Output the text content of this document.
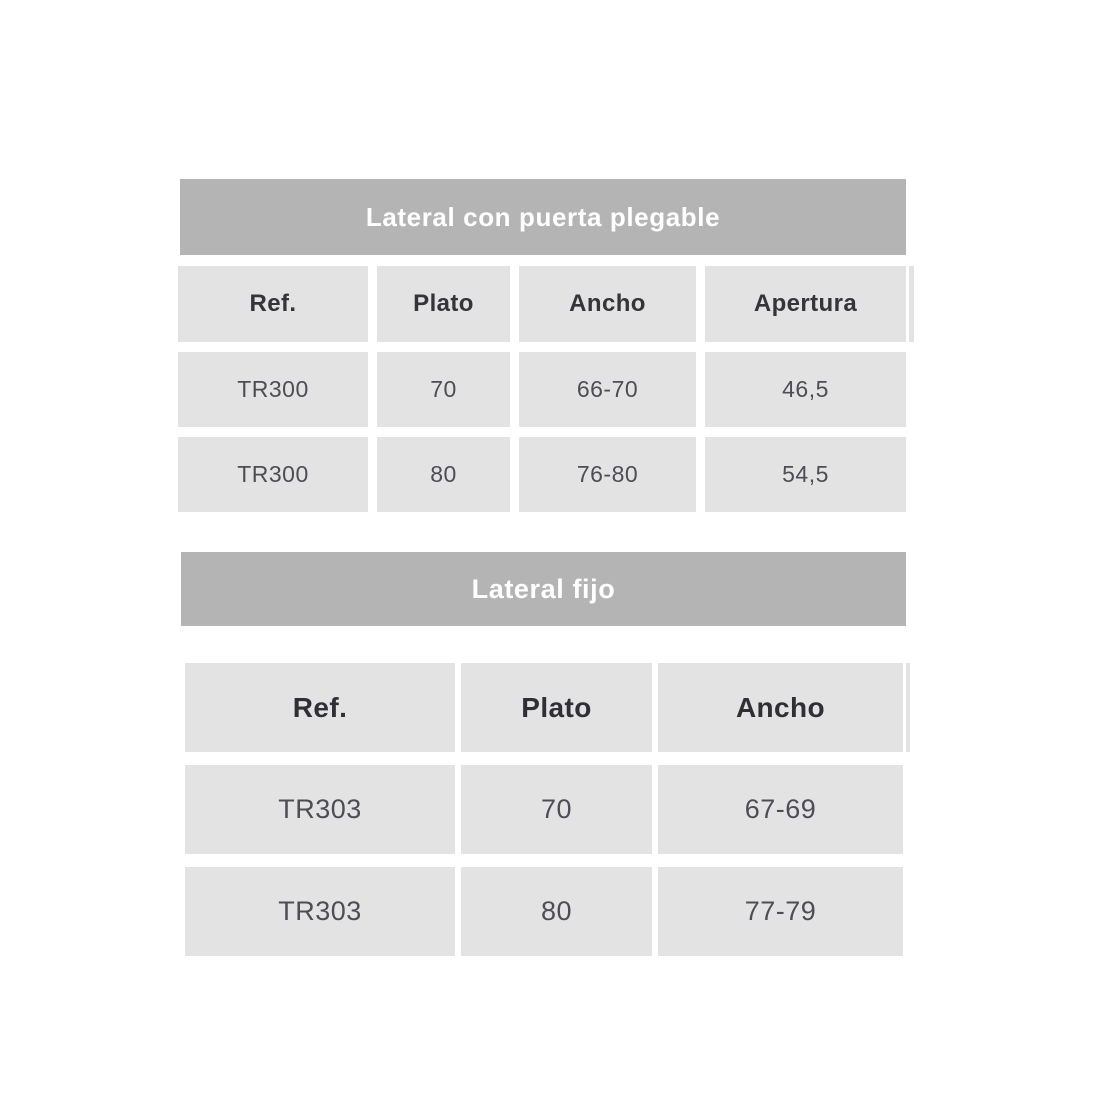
Lateral con puerta plegable
Ref.	Plato	Ancho	Apertura
TR300	70	66-70	46,5
TR300	80	76-80	54,5
Lateral fijo
Ref.	Plato	Ancho
TR303	70	67-69
TR303	80	77-79
